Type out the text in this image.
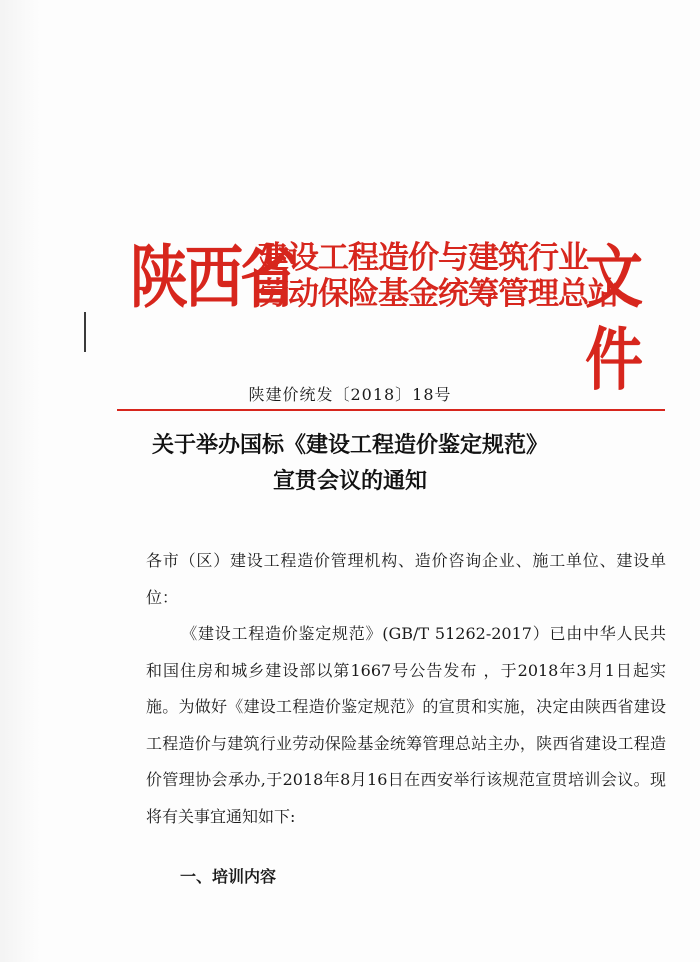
陕西省
建设工程造价与建筑行业
劳动保险基金统筹管理总站
文件
陕建价统发〔2018〕18号
关于举办国标《建设工程造价鉴定规范》
宣贯会议的通知

各市（区）建设工程造价管理机构、造价咨询企业、施工单位、建设单位：

《建设工程造价鉴定规范》(GB/T 51262-2017）已由中华人民共和国住房和城乡建设部以第1667号公告发布 ，于2018年3月1日起实施。为做好《建设工程造价鉴定规范》的宣贯和实施，决定由陕西省建设工程造价与建筑行业劳动保险基金统筹管理总站主办，陕西省建设工程造价管理协会承办,于2018年8月16日在西安举行该规范宣贯培训会议。现将有关事宜通知如下:

一、培训内容
